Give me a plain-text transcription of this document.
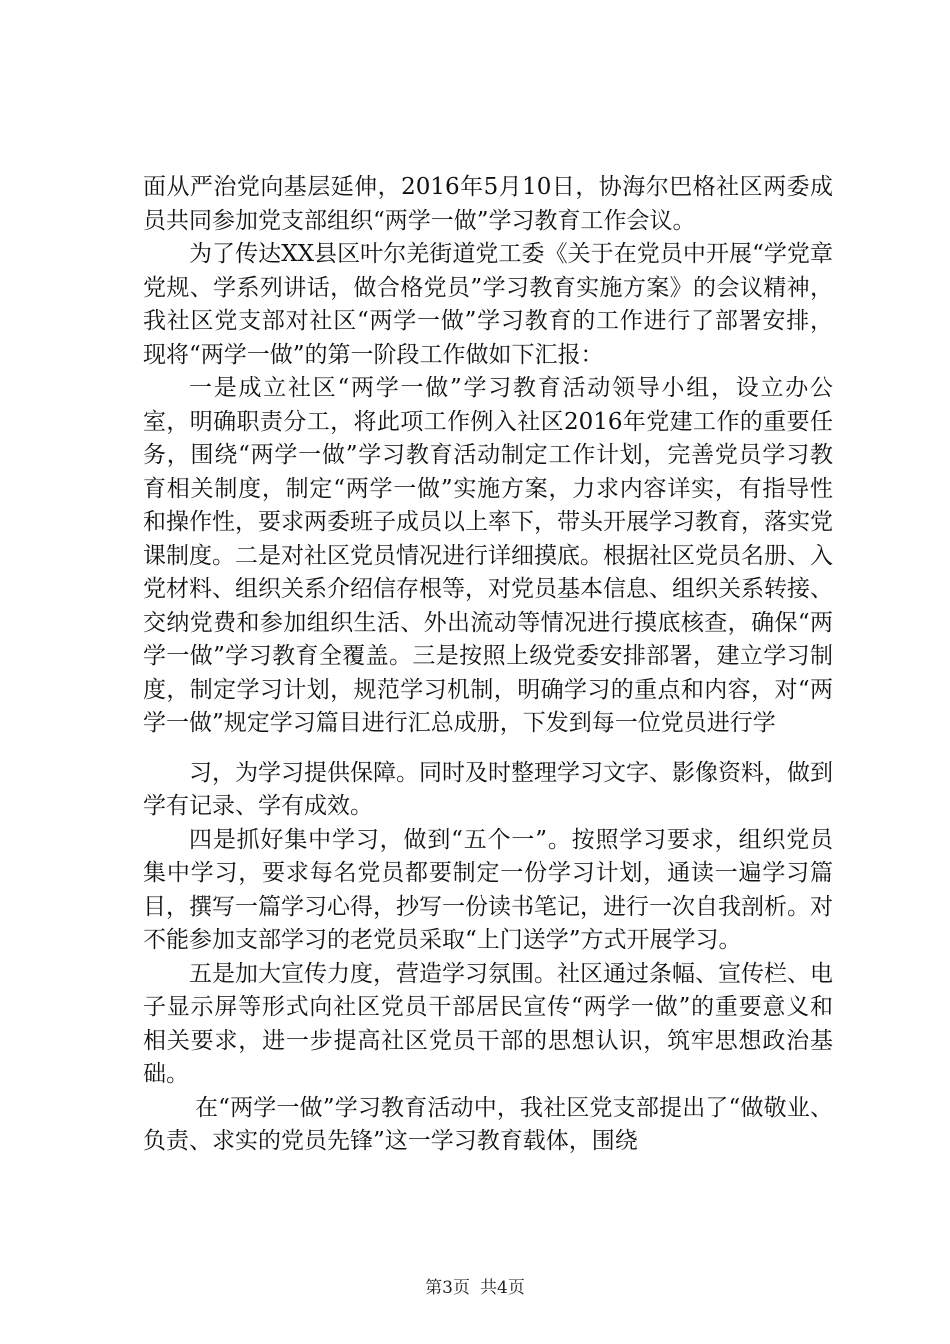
面从严治党向基层延伸，2016年5月10日，协海尔巴格社区两委成员共同参加党支部组织“两学一做”学习教育工作会议。

为了传达XX县区叶尔羌街道党工委《关于在党员中开展“学党章党规、学系列讲话，做合格党员”学习教育实施方案》的会议精神，我社区党支部对社区“两学一做”学习教育的工作进行了部署安排，现将“两学一做”的第一阶段工作做如下汇报：

一是成立社区“两学一做”学习教育活动领导小组，设立办公室，明确职责分工，将此项工作例入社区2016年党建工作的重要任务，围绕“两学一做”学习教育活动制定工作计划，完善党员学习教育相关制度，制定“两学一做”实施方案，力求内容详实，有指导性和操作性，要求两委班子成员以上率下，带头开展学习教育，落实党课制度。二是对社区党员情况进行详细摸底。根据社区党员名册、入党材料、组织关系介绍信存根等，对党员基本信息、组织关系转接、交纳党费和参加组织生活、外出流动等情况进行摸底核查，确保“两学一做”学习教育全覆盖。三是按照上级党委安排部署，建立学习制度，制定学习计划，规范学习机制，明确学习的重点和内容，对“两学一做”规定学习篇目进行汇总成册，下发到每一位党员进行学

习，为学习提供保障。同时及时整理学习文字、影像资料，做到学有记录、学有成效。

四是抓好集中学习，做到“五个一”。按照学习要求，组织党员集中学习，要求每名党员都要制定一份学习计划，通读一遍学习篇目，撰写一篇学习心得，抄写一份读书笔记，进行一次自我剖析。对不能参加支部学习的老党员采取“上门送学”方式开展学习。

五是加大宣传力度，营造学习氛围。社区通过条幅、宣传栏、电子显示屏等形式向社区党员干部居民宣传“两学一做”的重要意义和相关要求，进一步提高社区党员干部的思想认识，筑牢思想政治基础。

在“两学一做”学习教育活动中，我社区党支部提出了“做敬业、负责、求实的党员先锋”这一学习教育载体，围绕

第3页 共4页
